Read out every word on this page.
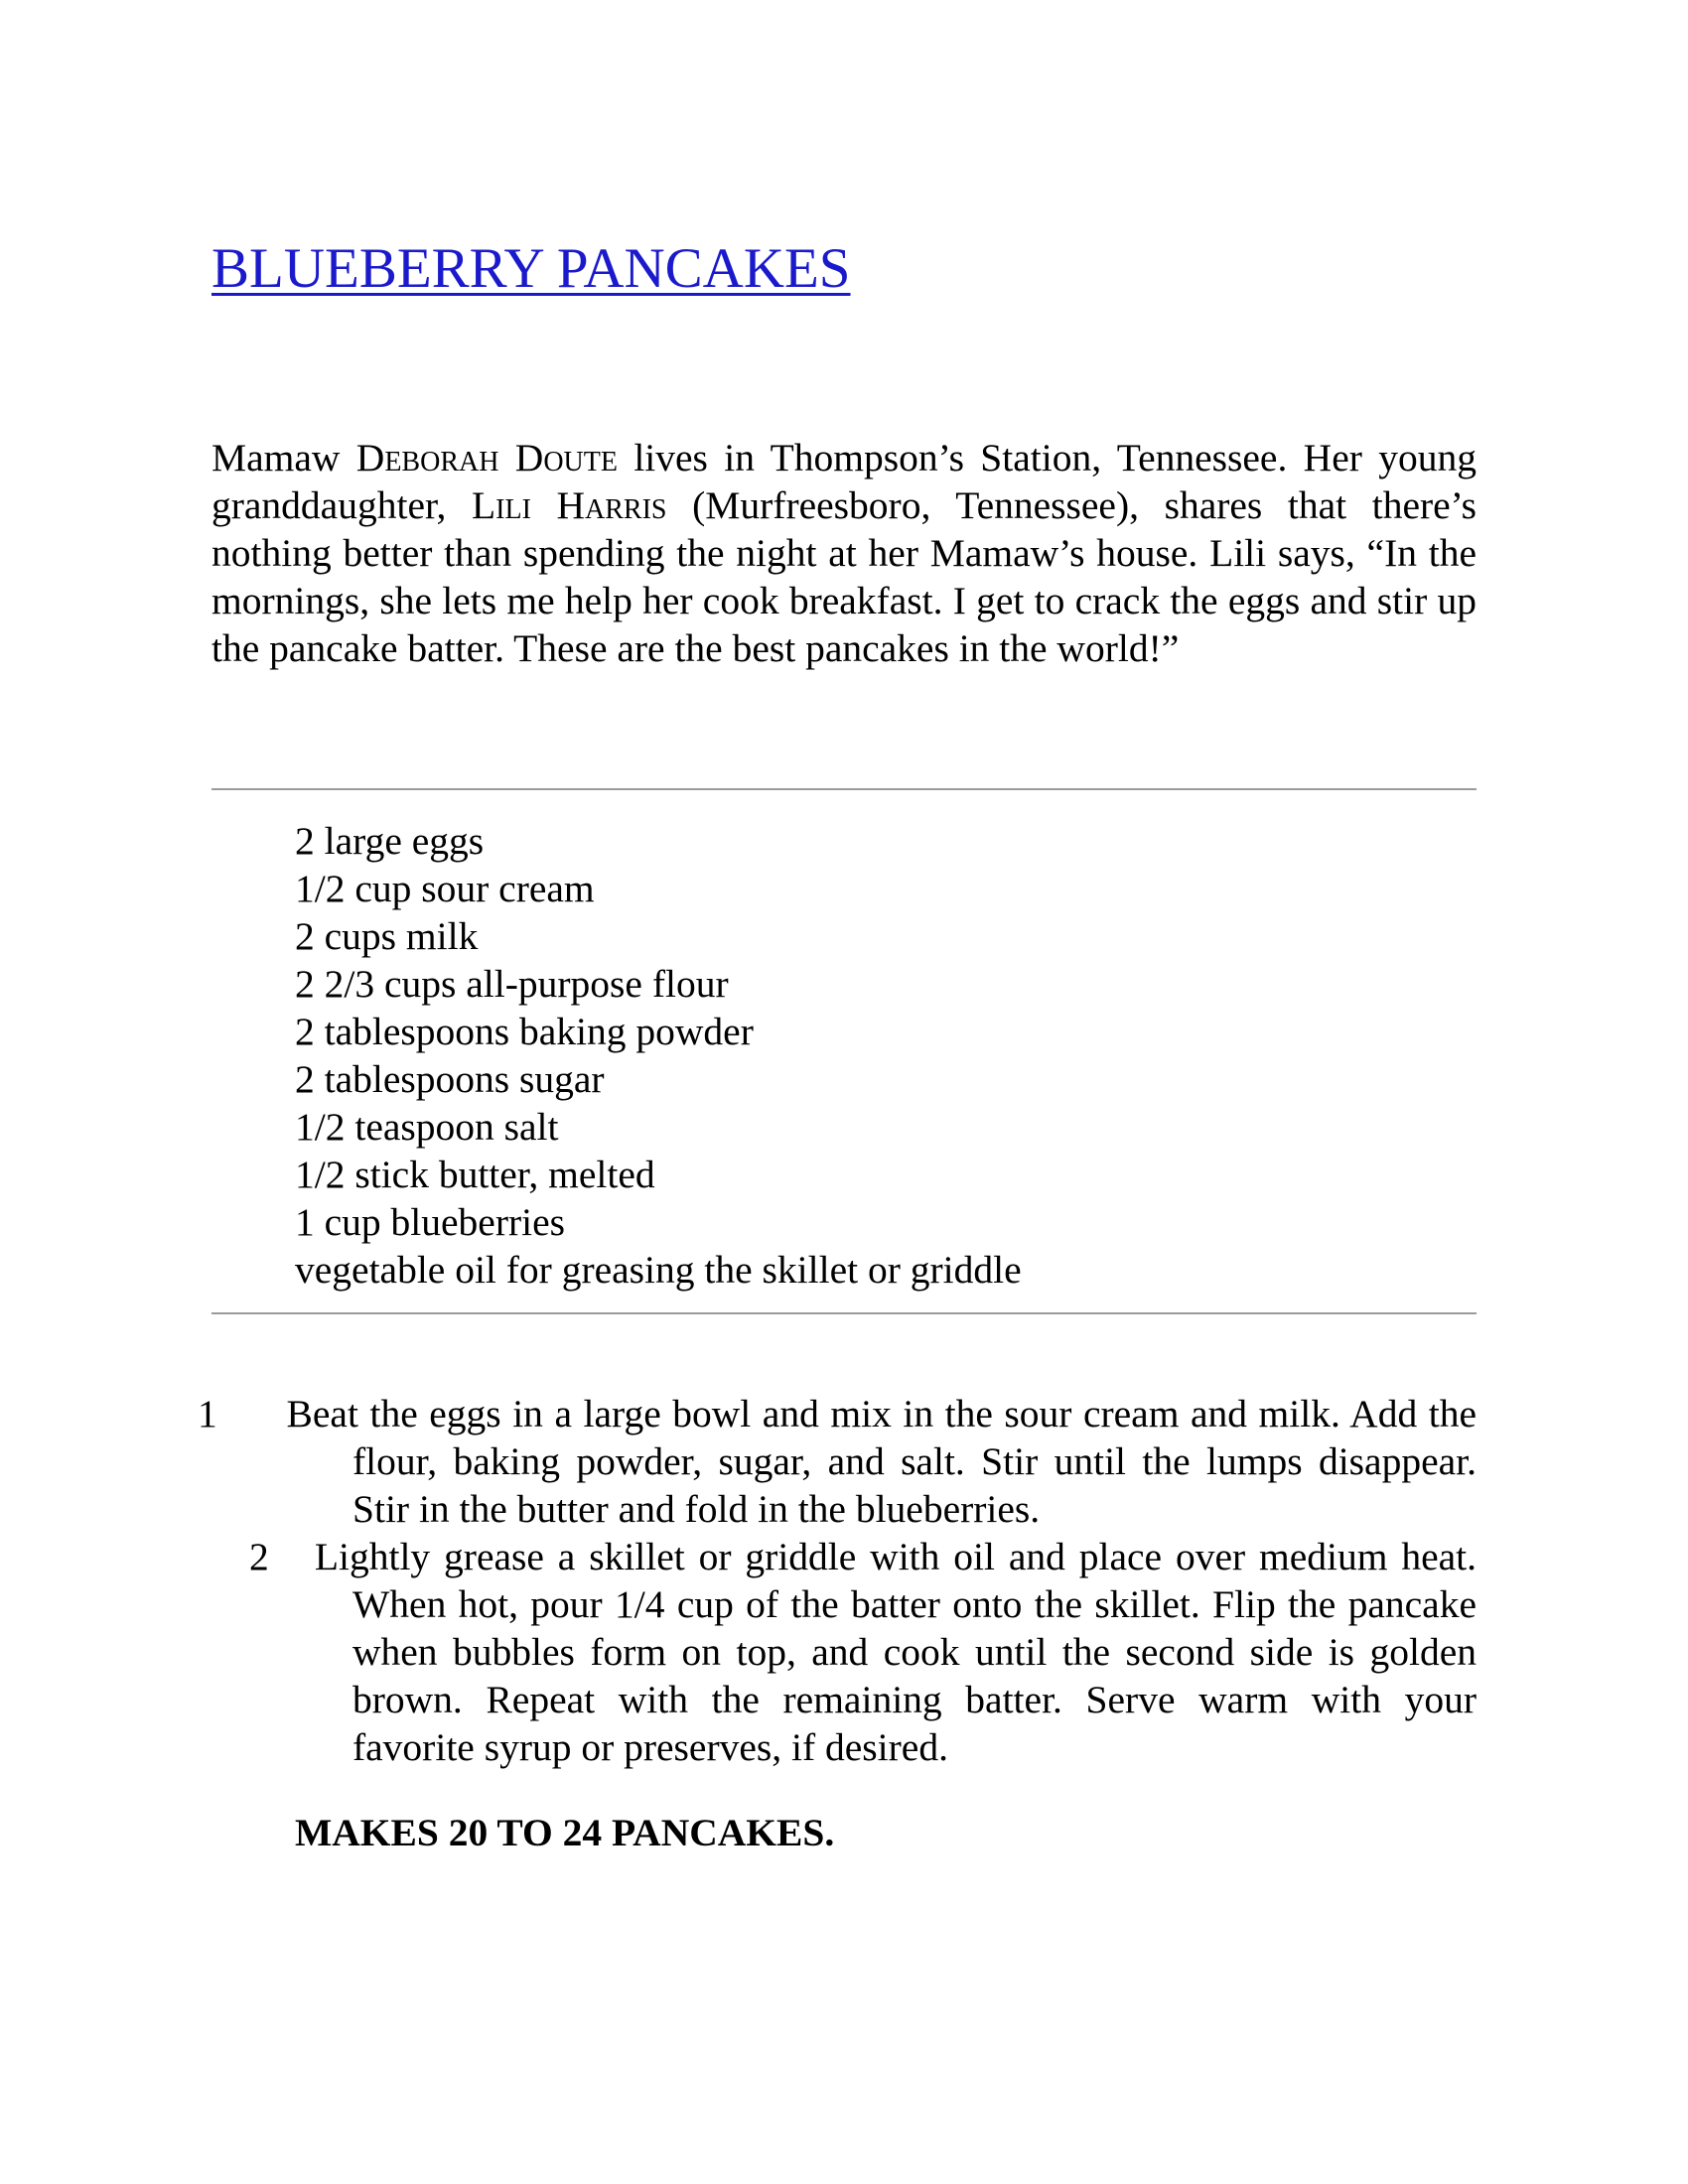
BLUEBERRY PANCAKES

Mamaw Deborah Doute lives in Thompson’s Station, Tennessee. Her young granddaughter, Lili Harris (Murfreesboro, Tennessee), shares that there’s nothing better than spending the night at her Mamaw’s house. Lili says, “In the mornings, she lets me help her cook breakfast. I get to crack the eggs and stir up the pancake batter. These are the best pancakes in the world!”

2 large eggs
1/2 cup sour cream
2 cups milk
2 2/3 cups all-purpose flour
2 tablespoons baking powder
2 tablespoons sugar
1/2 teaspoon salt
1/2 stick butter, melted
1 cup blueberries
vegetable oil for greasing the skillet or griddle
1 Beat the eggs in a large bowl and mix in the sour cream and milk. Add the flour, baking powder, sugar, and salt. Stir until the lumps disappear. Stir in the butter and fold in the blueberries.
2 Lightly grease a skillet or griddle with oil and place over medium heat. When hot, pour 1/4 cup of the batter onto the skillet. Flip the pancake when bubbles form on top, and cook until the second side is golden brown. Repeat with the remaining batter. Serve warm with your favorite syrup or preserves, if desired.

MAKES 20 TO 24 PANCAKES.
